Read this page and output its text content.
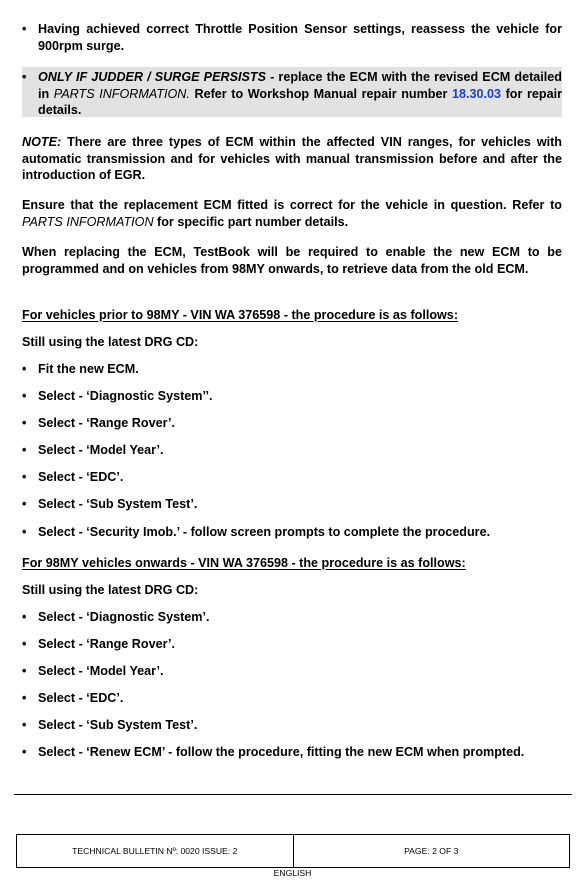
• Having achieved correct Throttle Position Sensor settings, reassess the vehicle for 900rpm surge.
• ONLY IF JUDDER / SURGE PERSISTS - replace the ECM with the revised ECM detailed in PARTS INFORMATION. Refer to Workshop Manual repair number 18.30.03 for repair details.
NOTE: There are three types of ECM within the affected VIN ranges, for vehicles with automatic transmission and for vehicles with manual transmission before and after the introduction of EGR.
Ensure that the replacement ECM fitted is correct for the vehicle in question. Refer to PARTS INFORMATION for specific part number details.
When replacing the ECM, TestBook will be required to enable the new ECM to be programmed and on vehicles from 98MY onwards, to retrieve data from the old ECM.
For vehicles prior to 98MY - VIN WA 376598 - the procedure is as follows:
Still using the latest DRG CD:
• Fit the new ECM.
• Select - ‘Diagnostic System’’.
• Select - ‘Range Rover’.
• Select - ‘Model Year’.
• Select - ‘EDC’.
• Select - ‘Sub System Test’.
• Select - ‘Security Imob.’ - follow screen prompts to complete the procedure.
For 98MY vehicles onwards - VIN WA 376598 - the procedure is as follows:
Still using the latest DRG CD:
• Select - ‘Diagnostic System’.
• Select - ‘Range Rover’.
• Select - ‘Model Year’.
• Select - ‘EDC’.
• Select - ‘Sub System Test’.
• Select - ‘Renew ECM’ - follow the procedure, fitting the new ECM when prompted.
TECHNICAL BULLETIN Nº: 0020 ISSUE: 2	PAGE: 2 OF 3
ENGLISH
